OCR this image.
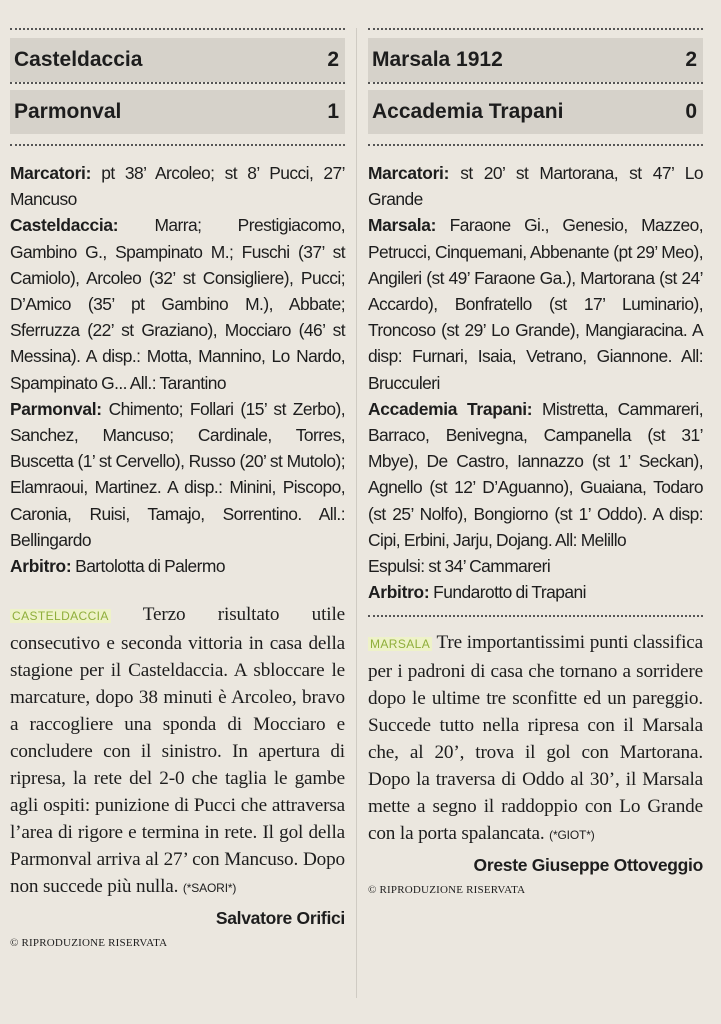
Casteldaccia	2
Parmonval	1
Marcatori: pt 38’ Arcoleo; st 8’ Pucci, 27’ Mancuso
Casteldaccia: Marra; Prestigiacomo, Gambino G., Spampinato M.; Fuschi (37’ st Camiolo), Arcoleo (32’ st Consigliere), Pucci; D’Amico (35’ pt Gambino M.), Abbate; Sferruzza (22’ st Graziano), Mocciaro (46’ st Messina). A disp.: Motta, Mannino, Lo Nardo, Spampinato G... All.: Tarantino
Parmonval: Chimento; Follari (15’ st Zerbo), Sanchez, Mancuso; Cardinale, Torres, Buscetta (1’ st Cervello), Russo (20’ st Mutolo); Elamraoui, Martinez. A disp.: Minini, Piscopo, Caronia, Ruisi, Tamajo, Sorrentino. All.: Bellingardo
Arbitro: Bartolotta di Palermo
CASTELDACCIA Terzo risultato utile consecutivo e seconda vittoria in casa della stagione per il Casteldaccia. A sbloccare le marcature, dopo 38 minuti è Arcoleo, bravo a raccogliere una sponda di Mocciaro e concludere con il sinistro. In apertura di ripresa, la rete del 2-0 che taglia le gambe agli ospiti: punizione di Pucci che attraversa l’area di rigore e termina in rete. Il gol della Parmonval arriva al 27’ con Mancuso. Dopo non succede più nulla. (*SAORI*)
Salvatore Orifici
© RIPRODUZIONE RISERVATA
Marsala 1912	2
Accademia Trapani	0
Marcatori: st 20’ st Martorana, st 47’ Lo Grande
Marsala: Faraone Gi., Genesio, Mazzeo, Petrucci, Cinquemani, Abbenante (pt 29’ Meo), Angileri (st 49’ Faraone Ga.), Martorana (st 24’ Accardo), Bonfratello (st 17’ Luminario), Troncoso (st 29’ Lo Grande), Mangiaracina. A disp: Furnari, Isaia, Vetrano, Giannone. All: Brucculeri
Accademia Trapani: Mistretta, Cammareri, Barraco, Benivegna, Campanella (st 31’ Mbye), De Castro, Iannazzo (st 1’ Seckan), Agnello (st 12’ D’Aguanno), Guaiana, Todaro (st 25’ Nolfo), Bongiorno (st 1’ Oddo). A disp: Cipi, Erbini, Jarju, Dojang. All: Melillo
Espulsi: st 34’ Cammareri
Arbitro: Fundarotto di Trapani
MARSALA Tre importantissimi punti classifica per i padroni di casa che tornano a sorridere dopo le ultime tre sconfitte ed un pareggio. Succede tutto nella ripresa con il Marsala che, al 20’, trova il gol con Martorana. Dopo la traversa di Oddo al 30’, il Marsala mette a segno il raddoppio con Lo Grande con la porta spalancata. (*GIOT*)
Oreste Giuseppe Ottoveggio
© RIPRODUZIONE RISERVATA
